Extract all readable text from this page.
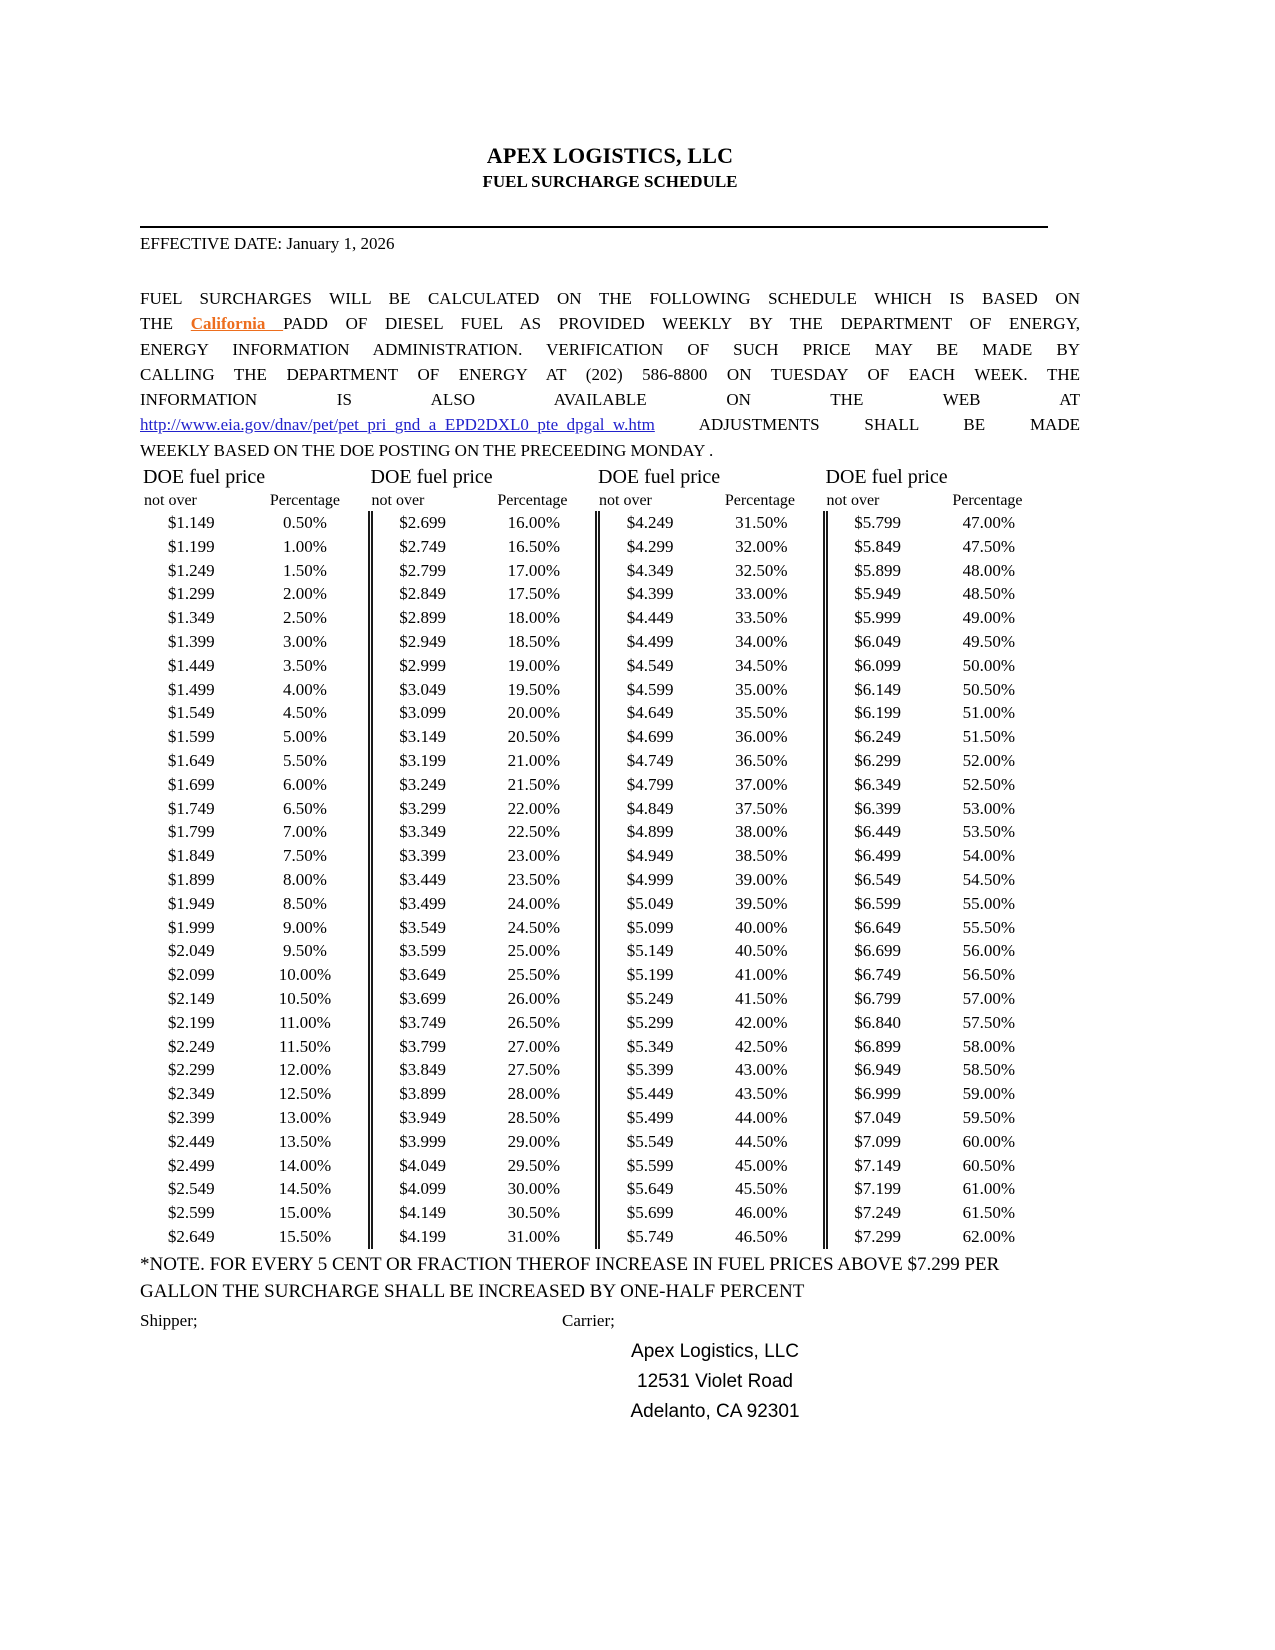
APEX LOGISTICS, LLC
FUEL SURCHARGE SCHEDULE
EFFECTIVE DATE: January 1, 2026
FUEL SURCHARGES WILL BE CALCULATED ON THE FOLLOWING SCHEDULE WHICH IS BASED ON
THE California PADD OF DIESEL FUEL AS PROVIDED WEEKLY BY THE DEPARTMENT OF ENERGY,
ENERGY INFORMATION ADMINISTRATION. VERIFICATION OF SUCH PRICE MAY BE MADE BY
CALLING THE DEPARTMENT OF ENERGY AT (202) 586-8800 ON TUESDAY OF EACH WEEK. THE
INFORMATION IS ALSO AVAILABLE ON THE WEB AT
http://www.eia.gov/dnav/pet/pet_pri_gnd_a_EPD2DXL0_pte_dpgal_w.htm ADJUSTMENTS SHALL BE MADE
WEEKLY BASED ON THE DOE POSTING ON THE PRECEEDING MONDAY .
DOE fuel price
not over	Percentage
$1.149	0.50%
$1.199	1.00%
$1.249	1.50%
$1.299	2.00%
$1.349	2.50%
$1.399	3.00%
$1.449	3.50%
$1.499	4.00%
$1.549	4.50%
$1.599	5.00%
$1.649	5.50%
$1.699	6.00%
$1.749	6.50%
$1.799	7.00%
$1.849	7.50%
$1.899	8.00%
$1.949	8.50%
$1.999	9.00%
$2.049	9.50%
$2.099	10.00%
$2.149	10.50%
$2.199	11.00%
$2.249	11.50%
$2.299	12.00%
$2.349	12.50%
$2.399	13.00%
$2.449	13.50%
$2.499	14.00%
$2.549	14.50%
$2.599	15.00%
$2.649	15.50%
DOE fuel price
not over	Percentage
$2.699	16.00%
$2.749	16.50%
$2.799	17.00%
$2.849	17.50%
$2.899	18.00%
$2.949	18.50%
$2.999	19.00%
$3.049	19.50%
$3.099	20.00%
$3.149	20.50%
$3.199	21.00%
$3.249	21.50%
$3.299	22.00%
$3.349	22.50%
$3.399	23.00%
$3.449	23.50%
$3.499	24.00%
$3.549	24.50%
$3.599	25.00%
$3.649	25.50%
$3.699	26.00%
$3.749	26.50%
$3.799	27.00%
$3.849	27.50%
$3.899	28.00%
$3.949	28.50%
$3.999	29.00%
$4.049	29.50%
$4.099	30.00%
$4.149	30.50%
$4.199	31.00%
DOE fuel price
not over	Percentage
$4.249	31.50%
$4.299	32.00%
$4.349	32.50%
$4.399	33.00%
$4.449	33.50%
$4.499	34.00%
$4.549	34.50%
$4.599	35.00%
$4.649	35.50%
$4.699	36.00%
$4.749	36.50%
$4.799	37.00%
$4.849	37.50%
$4.899	38.00%
$4.949	38.50%
$4.999	39.00%
$5.049	39.50%
$5.099	40.00%
$5.149	40.50%
$5.199	41.00%
$5.249	41.50%
$5.299	42.00%
$5.349	42.50%
$5.399	43.00%
$5.449	43.50%
$5.499	44.00%
$5.549	44.50%
$5.599	45.00%
$5.649	45.50%
$5.699	46.00%
$5.749	46.50%
DOE fuel price
not over	Percentage
$5.799	47.00%
$5.849	47.50%
$5.899	48.00%
$5.949	48.50%
$5.999	49.00%
$6.049	49.50%
$6.099	50.00%
$6.149	50.50%
$6.199	51.00%
$6.249	51.50%
$6.299	52.00%
$6.349	52.50%
$6.399	53.00%
$6.449	53.50%
$6.499	54.00%
$6.549	54.50%
$6.599	55.00%
$6.649	55.50%
$6.699	56.00%
$6.749	56.50%
$6.799	57.00%
$6.840	57.50%
$6.899	58.00%
$6.949	58.50%
$6.999	59.00%
$7.049	59.50%
$7.099	60.00%
$7.149	60.50%
$7.199	61.00%
$7.249	61.50%
$7.299	62.00%
*NOTE. FOR EVERY 5 CENT OR FRACTION THEROF INCREASE IN FUEL PRICES ABOVE $7.299 PER GALLON THE SURCHARGE SHALL BE INCREASED BY ONE-HALF PERCENT
Shipper;	Carrier;
Apex Logistics, LLC
12531 Violet Road
Adelanto, CA 92301
